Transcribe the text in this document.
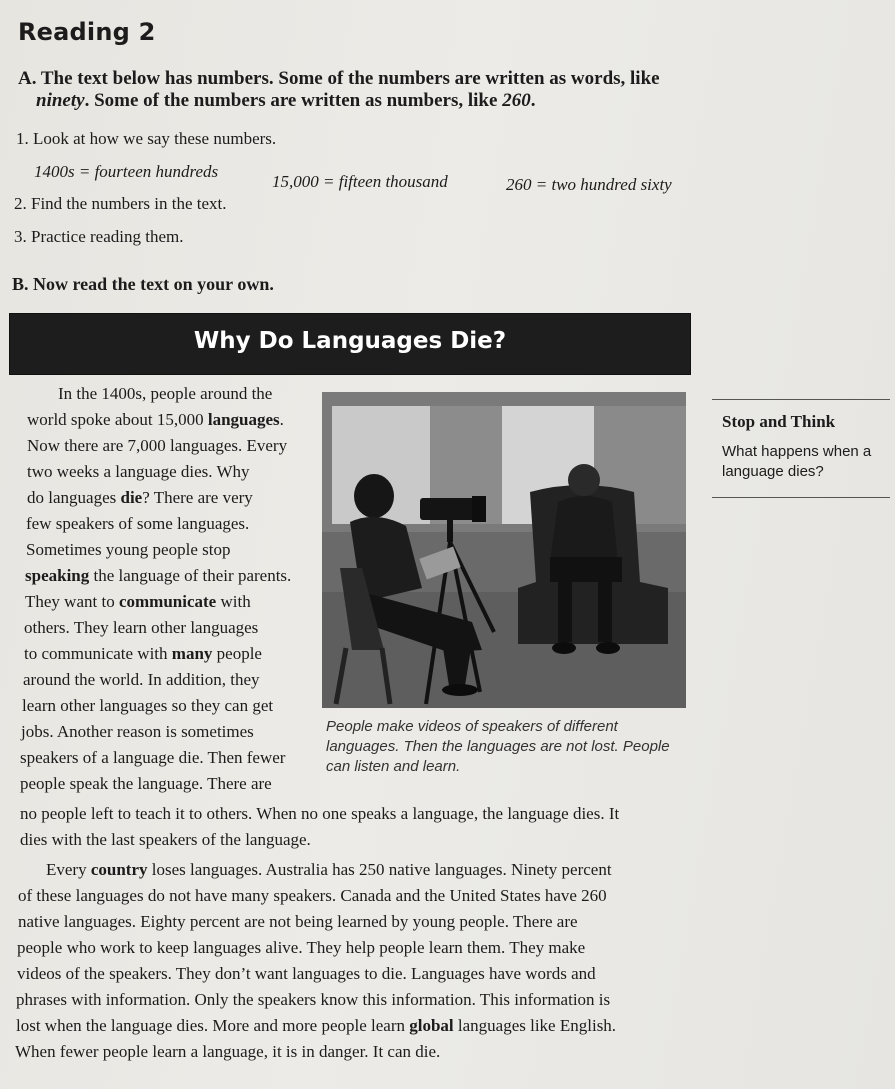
Reading 2
A. The text below has numbers. Some of the numbers are written as words, like
ninety. Some of the numbers are written as numbers, like 260.
1. Look at how we say these numbers.
1400s = fourteen hundreds
15,000 = fifteen thousand	260 = two hundred sixty
2. Find the numbers in the text.
3. Practice reading them.
B. Now read the text on your own.
Why Do Languages Die?
People make videos of speakers of different languages. Then the languages are not lost. People can listen and learn.
Stop and Think
What happens when a language dies?
In the 1400s, people around the
world spoke about 15,000 languages.
Now there are 7,000 languages. Every
two weeks a language dies. Why
do languages die? There are very
few speakers of some languages.
Sometimes young people stop
speaking the language of their parents.
They want to communicate with
others. They learn other languages
to communicate with many people
around the world. In addition, they
learn other languages so they can get
jobs. Another reason is sometimes
speakers of a language die. Then fewer
people speak the language. There are
no people left to teach it to others. When no one speaks a language, the language dies. It
dies with the last speakers of the language.
Every country loses languages. Australia has 250 native languages. Ninety percent
of these languages do not have many speakers. Canada and the United States have 260
native languages. Eighty percent are not being learned by young people. There are
people who work to keep languages alive. They help people learn them. They make
videos of the speakers. They don’t want languages to die. Languages have words and
phrases with information. Only the speakers know this information. This information is
lost when the language dies. More and more people learn global languages like English.
When fewer people learn a language, it is in danger. It can die.
